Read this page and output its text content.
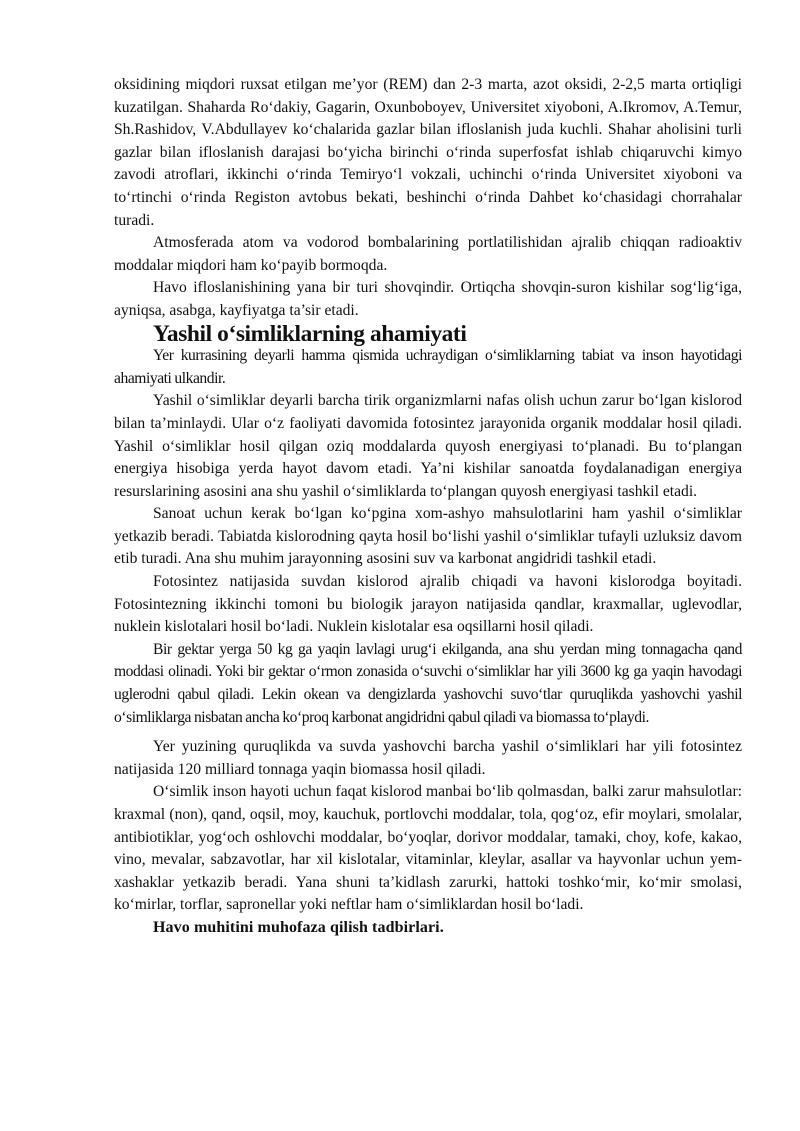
oksidining miqdori ruxsat etilgan me’yor (REM) dan 2-3 marta, azot oksidi, 2-2,5 marta ortiqligi kuzatilgan. Shaharda Ro‘dakiy, Gagarin, Oxunboboyev, Universitet xiyoboni, A.Ikromov, A.Temur, Sh.Rashidov, V.Abdullayev ko‘chalarida gazlar bilan ifloslanish juda kuchli. Shahar aholisini turli gazlar bilan ifloslanish darajasi bo‘yicha birinchi o‘rinda superfosfat ishlab chiqaruvchi kimyo zavodi atroflari, ikkinchi o‘rinda Temiryo‘l vokzali, uchinchi o‘rinda Universitet xiyoboni va to‘rtinchi o‘rinda Registon avtobus bekati, beshinchi o‘rinda Dahbet ko‘chasidagi chorrahalar turadi.

Atmosferada atom va vodorod bombalarining portlatilishidan ajralib chiqqan radioaktiv moddalar miqdori ham ko‘payib bormoqda.

Havo ifloslanishining yana bir turi shovqindir. Ortiqcha shovqin-suron kishilar sog‘lig‘iga, ayniqsa, asabga, kayfiyatga ta’sir etadi.

Yashil o‘simliklarning ahamiyati

Yer kurrasining deyarli hamma qismida uchraydigan o‘simliklarning tabiat va inson hayotidagi ahamiyati ulkandir.

Yashil o‘simliklar deyarli barcha tirik organizmlarni nafas olish uchun zarur bo‘lgan kislorod bilan ta’minlaydi. Ular o‘z faoliyati davomida fotosintez jarayonida organik moddalar hosil qiladi. Yashil o‘simliklar hosil qilgan oziq moddalarda quyosh energiyasi to‘planadi. Bu to‘plangan energiya hisobiga yerda hayot davom etadi. Ya’ni kishilar sanoatda foydalanadigan energiya resurslarining asosini ana shu yashil o‘simliklarda to‘plangan quyosh energiyasi tashkil etadi.

Sanoat uchun kerak bo‘lgan ko‘pgina xom-ashyo mahsulotlarini ham yashil o‘simliklar yetkazib beradi. Tabiatda kislorodning qayta hosil bo‘lishi yashil o‘simliklar tufayli uzluksiz davom etib turadi. Ana shu muhim jarayonning asosini suv va karbonat angidridi tashkil etadi.

Fotosintez natijasida suvdan kislorod ajralib chiqadi va havoni kislorodga boyitadi. Fotosintezning ikkinchi tomoni bu biologik jarayon natijasida qandlar, kraxmallar, uglevodlar, nuklein kislotalari hosil bo‘ladi. Nuklein kislotalar esa oqsillarni hosil qiladi.

Bir gektar yerga 50 kg ga yaqin lavlagi urug‘i ekilganda, ana shu yerdan ming tonnagacha qand moddasi olinadi. Yoki bir gektar o‘rmon zonasida o‘suvchi o‘simliklar har yili 3600 kg ga yaqin havodagi uglerodni qabul qiladi. Lekin okean va dengizlarda yashovchi suvo‘tlar quruqlikda yashovchi yashil o‘simliklarga nisbatan ancha ko‘proq karbonat angidridni qabul qiladi va biomassa to‘playdi.

Yer yuzining quruqlikda va suvda yashovchi barcha yashil o‘simliklari har yili fotosintez natijasida 120 milliard tonnaga yaqin biomassa hosil qiladi.

O‘simlik inson hayoti uchun faqat kislorod manbai bo‘lib qolmasdan, balki zarur mahsulotlar: kraxmal (non), qand, oqsil, moy, kauchuk, portlovchi moddalar, tola, qog‘oz, efir moylari, smolalar, antibiotiklar, yog‘och oshlovchi moddalar, bo‘yoqlar, dorivor moddalar, tamaki, choy, kofe, kakao, vino, mevalar, sabzavotlar, har xil kislotalar, vitaminlar, kleylar, asallar va hayvonlar uchun yem-xashaklar yetkazib beradi. Yana shuni ta’kidlash zarurki, hattoki toshko‘mir, ko‘mir smolasi, ko‘mirlar, torflar, sapronellar yoki neftlar ham o‘simliklardan hosil bo‘ladi.

Havo muhitini muhofaza qilish tadbirlari.
